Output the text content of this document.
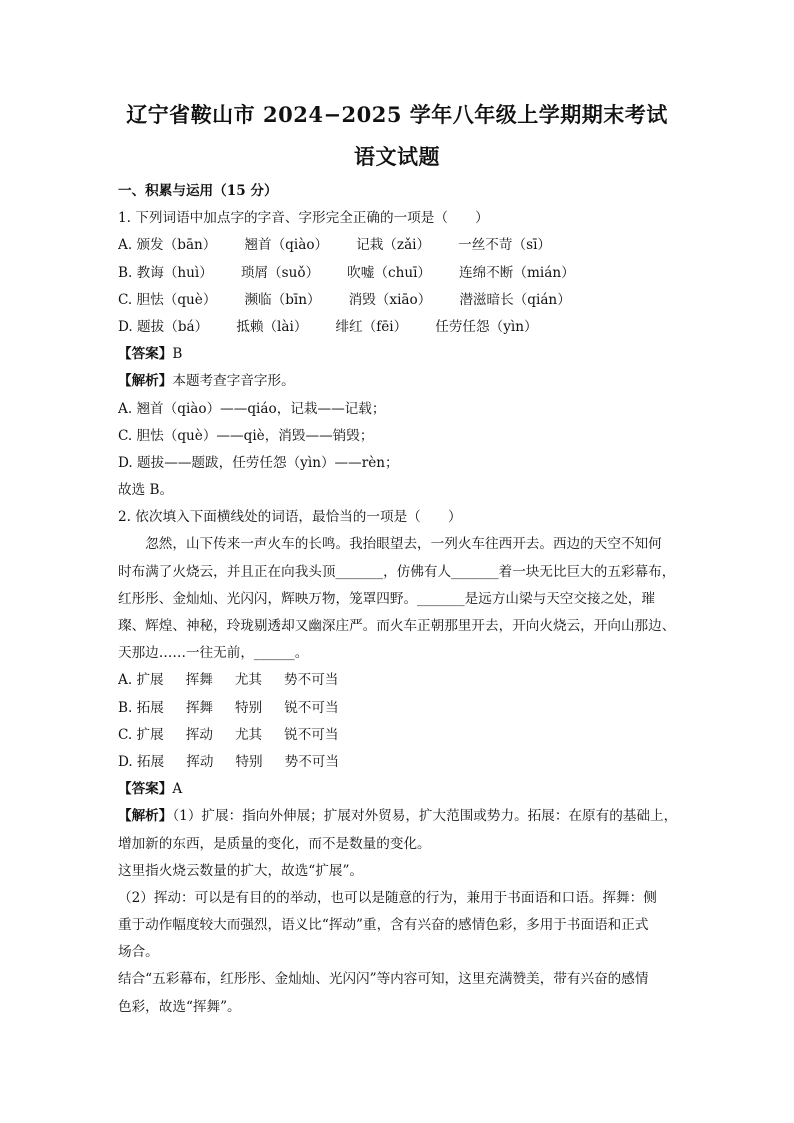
辽宁省鞍山市 2024−2025 学年八年级上学期期末考试
语文试题
一、积累与运用（15 分）
1. 下列词语中加点字的字音、字形完全正确的一项是（　　）
A. 颁发（bān） 翘首（qiào） 记栽（zǎi） 一丝不苛（sī）
B. 教诲（huì） 琐屑（suǒ） 吹嘘（chuī） 连绵不断（mián）
C. 胆怯（què） 濒临（bīn） 消毁（xiāo） 潜滋暗长（qián）
D. 题拔（bá） 抵赖（lài） 绯红（fēi） 任劳任怨（yìn）
【答案】B
【解析】本题考查字音字形。
A. 翘首（qiào）——qiáo，记栽——记载；
C. 胆怯（què）——qiè，消毁——销毁；
D. 题拔——题跋，任劳任怨（yìn）——rèn；
故选 B。
2. 依次填入下面横线处的词语，最恰当的一项是（　　）
忽然，山下传来一声火车的长鸣。我抬眼望去，一列火车往西开去。西边的天空不知何
时布满了火烧云，并且正在向我头顶_______，仿佛有人_______着一块无比巨大的五彩幕布，
红彤彤、金灿灿、光闪闪，辉映万物，笼罩四野。_______是远方山梁与天空交接之处，璀
璨、辉煌、神秘，玲珑剔透却又幽深庄严。而火车正朝那里开去，开向火烧云，开向山那边、
天那边……一往无前，______。
A. 扩展 挥舞 尤其 势不可当
B. 拓展 挥舞 特别 锐不可当
C. 扩展 挥动 尤其 锐不可当
D. 拓展 挥动 特别 势不可当
【答案】A
【解析】（1）扩展：指向外伸展；扩展对外贸易，扩大范围或势力。拓展：在原有的基础上，
增加新的东西，是质量的变化，而不是数量的变化。
这里指火烧云数量的扩大，故选“扩展”。
（2）挥动：可以是有目的的举动，也可以是随意的行为，兼用于书面语和口语。挥舞：侧
重于动作幅度较大而强烈，语义比“挥动”重，含有兴奋的感情色彩，多用于书面语和正式
场合。
结合“五彩幕布，红彤彤、金灿灿、光闪闪”等内容可知，这里充满赞美，带有兴奋的感情
色彩，故选“挥舞”。
